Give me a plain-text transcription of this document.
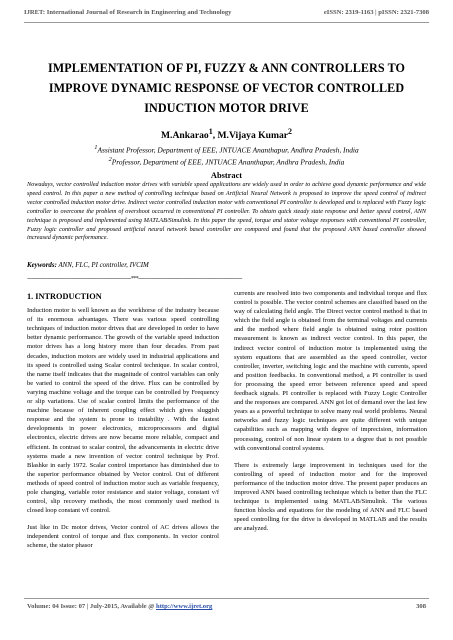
IJRET: International Journal of Research in Engineering and Technology	eISSN: 2319-1163 | pISSN: 2321-7308
IMPLEMENTATION OF PI, FUZZY & ANN CONTROLLERS TO
IMPROVE DYNAMIC RESPONSE OF VECTOR CONTROLLED
INDUCTION MOTOR DRIVE
M.Ankarao$^1$, M.Vijaya Kumar$^2$
$^1$Assistant Professor, Department of EEE, JNTUACE Ananthapur, Andhra Pradesh, India
$^2$Professor, Department of EEE, JNTUACE Ananthapur, Andhra Pradesh, India
Abstract
Nowadays, vector controlled induction motor drives with variable speed applications are widely used in order to achieve good dynamic performance and wide speed control. In this paper a new method of controlling technique based on Artificial Neural Network is proposed to improve the speed control of indirect vector controlled induction motor drive. Indirect vector controlled induction motor with conventional PI controller is developed and is replaced with Fuzzy logic controller to overcome the problem of overshoot occurred in conventional PI controller. To obtain quick steady state response and better speed control, ANN technique is proposed and implemented using MATLAB/Simulink. In this paper the speed, torque and stator voltage responses with conventional PI controller, Fuzzy logic controller and proposed artificial neural network based controller are compared and found that the proposed ANN based controller showed increased dynamic performance.
Keywords: ANN, FLC, PI controller, IVCIM
-----------------------------------------------------------------------***-----------------------------------------------------------------------
1. INTRODUCTION

Induction motor is well known as the workhorse of the industry because of its enormous advantages. There was various speed controlling techniques of induction motor drives that are developed in order to have better dynamic performance. The growth of the variable speed induction motor drives has a long history more than four decades. From past decades, induction motors are widely used in industrial applications and its speed is controlled using Scalar control technique. In scalar control, the name itself indicates that the magnitude of control variables can only be varied to control the speed of the drive. Flux can be controlled by varying machine voltage and the torque can be controlled by Frequency or slip variations. Use of scalar control limits the performance of the machine because of inherent coupling effect which gives sluggish response and the system is prone to instability . With the fastest developments in power electronics, microprocessors and digital electronics, electric drives are now became more reliable, compact and efficient. In contrast to scalar control, the advancements in electric drive systems made a new invention of vector control technique by Prof. Blashke in early 1972. Scalar control importance has diminished due to the superior performance obtained by Vector control. Out of different methods of speed control of induction motor such as variable frequency, pole changing, variable rotor resistance and stator voltage, constant v/f control, slip recovery methods, the most commonly used method is closed loop constant v/f control.

Just like in Dc motor drives, Vector control of AC drives allows the independent control of torque and flux components. In vector control scheme, the stator phasor

currents are resolved into two components and individual torque and flux control is possible. The vector control schemes are classified based on the way of calculating field angle. The Direct vector control method is that in which the field angle is obtained from the terminal voltages and currents and the method where field angle is obtained using rotor position measurement is known as indirect vector control. In this paper, the indirect vector control of induction motor is implemented using the system equations that are assembled as the speed controller, vector controller, inverter, switching logic and the machine with currents, speed and position feedbacks. In conventional method, a PI controller is used for processing the speed error between reference speed and speed feedback signals. PI controller is replaced with Fuzzy Logic Controller and the responses are compared. ANN got lot of demand over the last few years as a powerful technique to solve many real world problems. Neural networks and fuzzy logic techniques are quite different with unique capabilities such as mapping with degree of imprecision, information processing, control of non linear system to a degree that is not possible with conventional control systems.

There is extremely large improvement in techniques used for the controlling of speed of induction motor and for the improved performance of the induction motor drive. The present paper produces an improved ANN based controlling technique which is better than the FLC technique is implemented using MATLAB/Simulink. The various function blocks and equations for the modeling of ANN and FLC based speed controlling for the drive is developed in MATLAB and the results are analyzed.

Volume: 04 Issue: 07 | July-2015, Available @ http://www.ijret.org	308
